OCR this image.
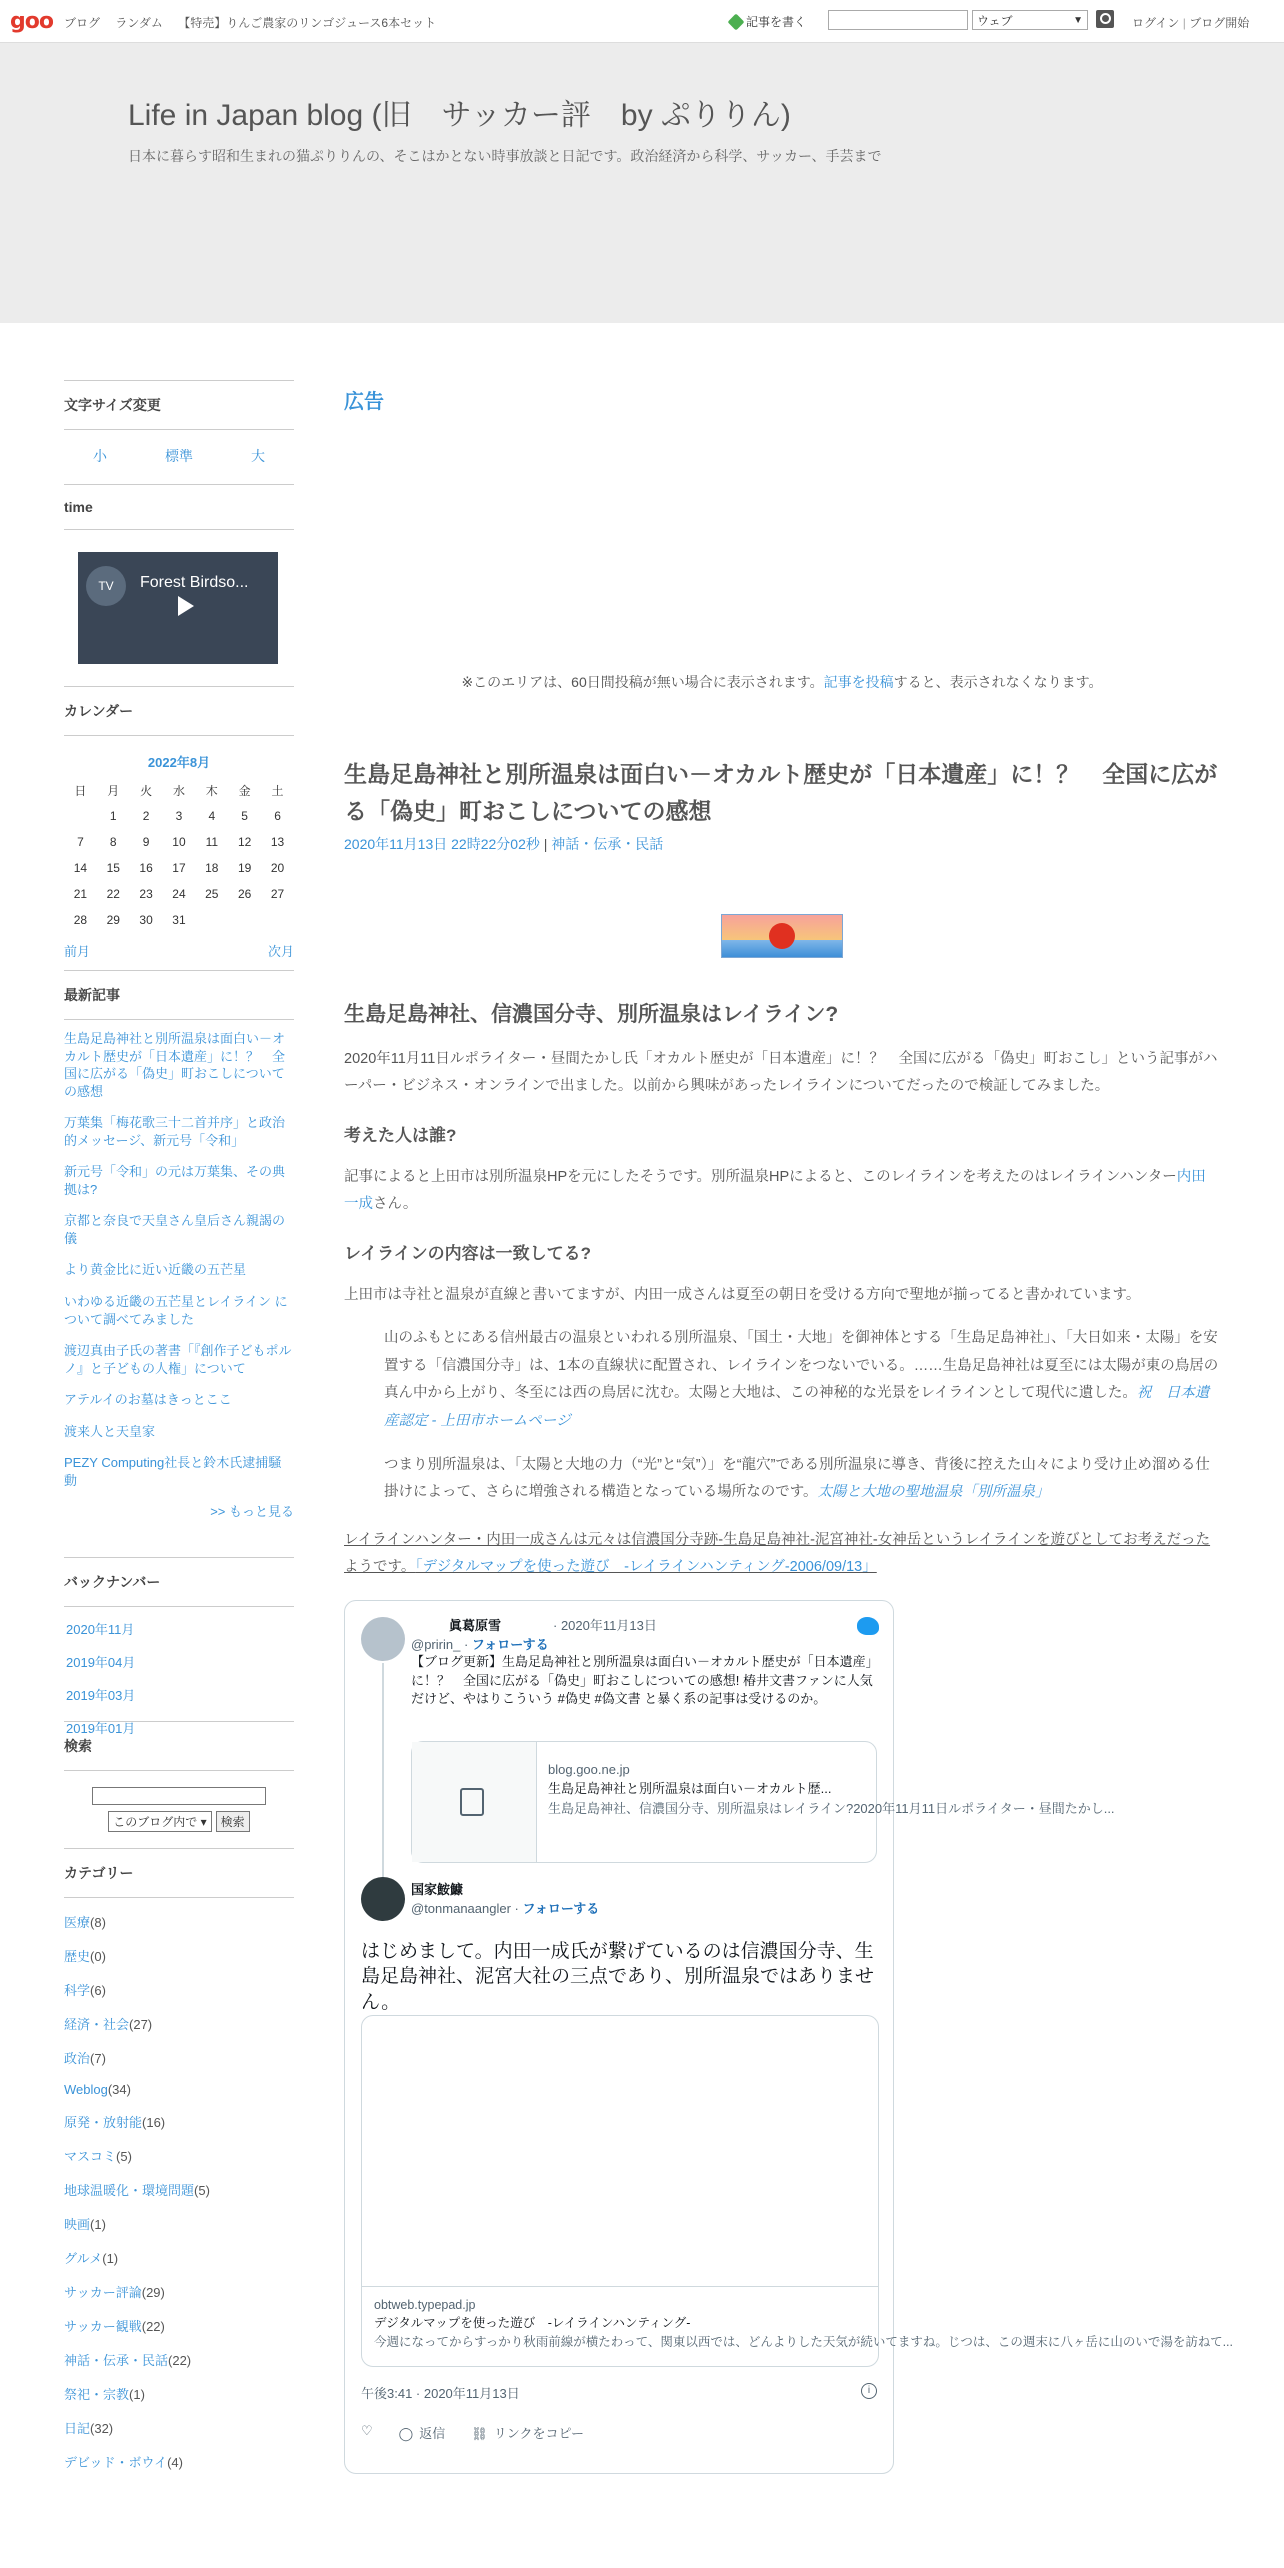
goo ブログ ランダム 【特売】りんご農家のリンゴジュース6本セット	記事を書く	ウェブ	▼	ログイン | ブログ開始
Life in Japan blog (旧　サッカー評　by ぷりりん)
日本に暮らす昭和生まれの猫ぷりりんの、そこはかとない時事放談と日記です。政治経済から科学、サッカー、手芸まで
文字サイズ変更
小	標準	大
time
TV	Forest Birdso...
カレンダー
2022年8月
日	月	火	水	木	金	土
	1	2	3	4	5	6
7	8	9	10	11	12	13
14	15	16	17	18	19	20
21	22	23	24	25	26	27
28	29	30	31			
前月	次月
最新記事
生島足島神社と別所温泉は面白い－オカルト歴史が「日本遺産」に！？　全国に広がる「偽史」町おこしについての感想
万葉集「梅花歌三十二首并序」と政治的メッセージ、新元号「令和」
新元号「令和」の元は万葉集、その典拠は?
京都と奈良で天皇さん皇后さん親謁の儀
より黄金比に近い近畿の五芒星
いわゆる近畿の五芒星とレイライン について調べてみました
渡辺真由子氏の著書「『創作子どもポルノ』と子どもの人権」について
アテルイのお墓はきっとここ
渡来人と天皇家
PEZY Computing社長と鈴木氏逮捕騒動
>> もっと見る
バックナンバー
2020年11月
2019年04月
2019年03月
2019年01月
検索
このブログ内で ▾	検索
カテゴリー
医療(8)
歴史(0)
科学(6)
経済・社会(27)
政治(7)
Weblog(34)
原発・放射能(16)
マスコミ(5)
地球温暖化・環境問題(5)
映画(1)
グルメ(1)
サッカー評論(29)
サッカー観戦(22)
神話・伝承・民話(22)
祭祀・宗教(1)
日記(32)
デビッド・ボウイ(4)
広告
※このエリアは、60日間投稿が無い場合に表示されます。記事を投稿すると、表示されなくなります。
生島足島神社と別所温泉は面白い－オカルト歴史が「日本遺産」に！？　全国に広がる「偽史」町おこしについての感想
2020年11月13日 22時22分02秒 | 神話・伝承・民話
生島足島神社、信濃国分寺、別所温泉はレイライン?
2020年11月11日ルポライター・昼間たかし氏「オカルト歴史が「日本遺産」に！？　全国に広がる「偽史」町おこし」という記事がハーパー・ビジネス・オンラインで出ました。以前から興味があったレイラインについてだったので検証してみました。
考えた人は誰?
記事によると上田市は別所温泉HPを元にしたそうです。別所温泉HPによると、このレイラインを考えたのはレイラインハンター内田一成さん。
レイラインの内容は一致してる?
上田市は寺社と温泉が直線と書いてますが、内田一成さんは夏至の朝日を受ける方向で聖地が揃ってると書かれています。
山のふもとにある信州最古の温泉といわれる別所温泉、「国土・大地」を御神体とする「生島足島神社」、「大日如来・太陽」を安置する「信濃国分寺」は、1本の直線状に配置され、レイラインをつないでいる。……生島足島神社は夏至には太陽が東の鳥居の真ん中から上がり、冬至には西の鳥居に沈む。太陽と大地は、この神秘的な光景をレイラインとして現代に遺した。祝　日本遺産認定 - 上田市ホームページ
つまり別所温泉は、「太陽と大地の力（“光”と“気”）」を“龍穴”である別所温泉に導き、背後に控えた山々により受け止め溜める仕掛けによって、さらに増強される構造となっている場所なのです。太陽と大地の聖地温泉「別所温泉」
レイラインハンター・内田一成さんは元々は信濃国分寺跡-生島足島神社-泥宮神社-女神岳というレイラインを遊びとしてお考えだったようです。「デジタルマップを使った遊び　-レイラインハンティング-2006/09/13」
眞葛原雪	· 2020年11月13日
@pririn_ · フォローする
【ブログ更新】生島足島神社と別所温泉は面白い－オカルト歴史が「日本遺産」に！？　全国に広がる「偽史」町おこしについての感想! 椿井文書ファンに人気だけど、やはりこういう #偽史 #偽文書 と暴く系の記事は受けるのか。
blog.goo.ne.jp
生島足島神社と別所温泉は面白い－オカルト歴...
生島足島神社、信濃国分寺、別所温泉はレイライン?2020年11月11日ルポライター・昼間たかし...
国家鮟鱇
@tonmanaangler · フォローする
はじめまして。内田一成氏が繋げているのは信濃国分寺、生島足島神社、泥宮大社の三点であり、別所温泉ではありません。
obtweb.typepad.jp
デジタルマップを使った遊び　-レイラインハンティング-
今週になってからすっかり秋雨前線が横たわって、関東以西では、どんよりした天気が続いてますね。じつは、この週末に八ヶ岳に山のいで湯を訪ねて...
午後3:41 · 2020年11月13日	i
♡ ◯ 返信 ⛓ リンクをコピー
